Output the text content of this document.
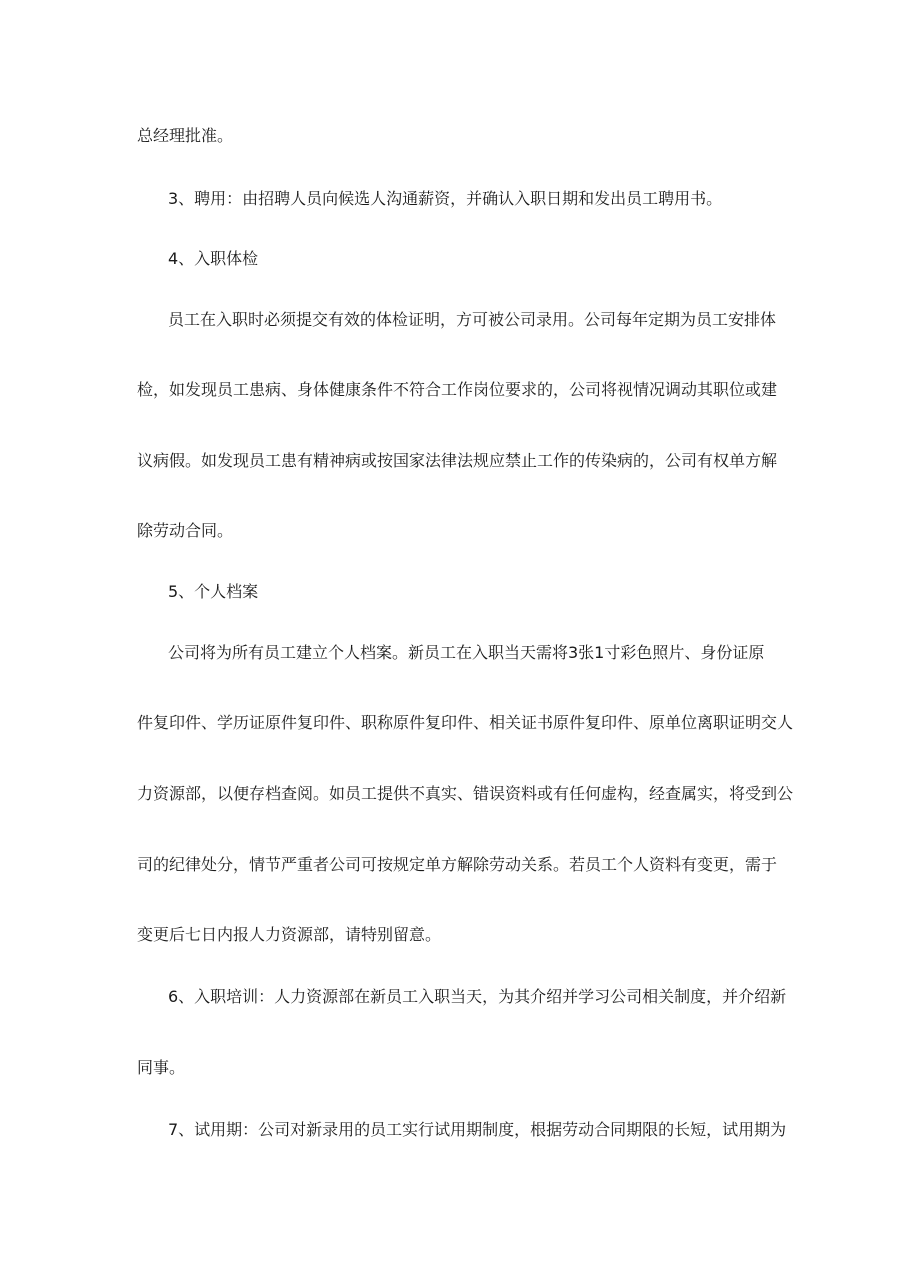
总经理批准。
3、聘用：由招聘人员向候选人沟通薪资，并确认入职日期和发出员工聘用书。
4、入职体检
员工在入职时必须提交有效的体检证明，方可被公司录用。公司每年定期为员工安排体
检，如发现员工患病、身体健康条件不符合工作岗位要求的，公司将视情况调动其职位或建
议病假。如发现员工患有精神病或按国家法律法规应禁止工作的传染病的，公司有权单方解
除劳动合同。
5、个人档案
公司将为所有员工建立个人档案。新员工在入职当天需将3张1寸彩色照片、身份证原
件复印件、学历证原件复印件、职称原件复印件、相关证书原件复印件、原单位离职证明交人
力资源部，以便存档查阅。如员工提供不真实、错误资料或有任何虚构，经查属实，将受到公
司的纪律处分，情节严重者公司可按规定单方解除劳动关系。若员工个人资料有变更，需于
变更后七日内报人力资源部，请特别留意。
6、入职培训：人力资源部在新员工入职当天，为其介绍并学习公司相关制度，并介绍新
同事。
7、试用期：公司对新录用的员工实行试用期制度，根据劳动合同期限的长短，试用期为
